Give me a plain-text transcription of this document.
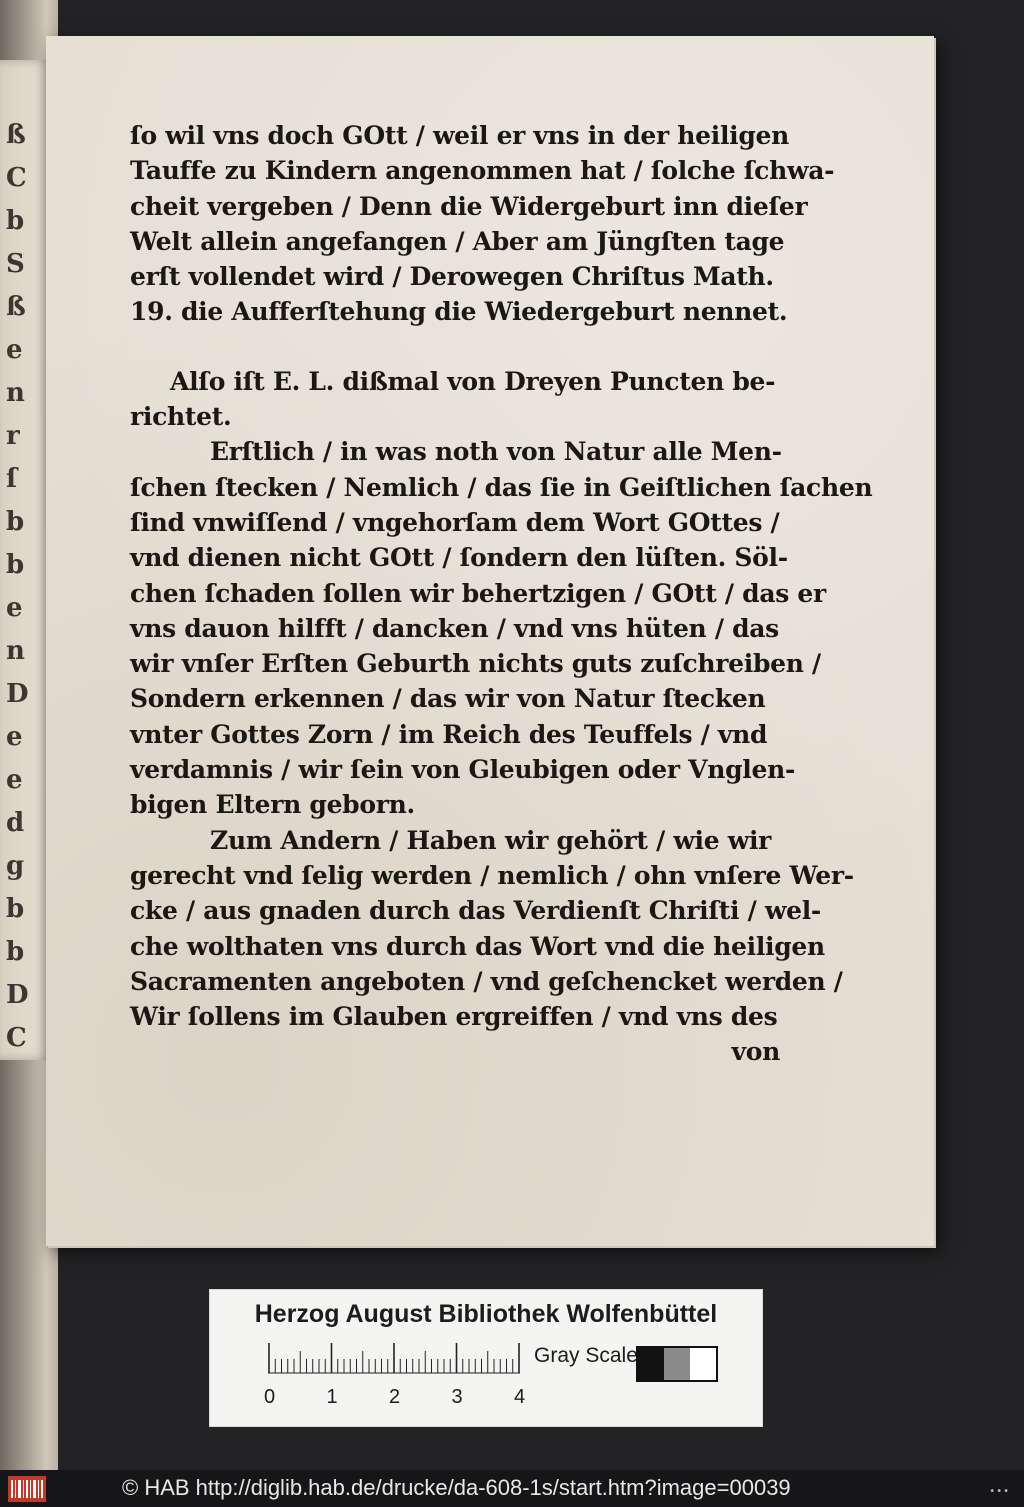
ß
C
b
S
ß
e
n
r
ſ
b
b
e
n
D
e
e
d
g
b
b
D
C
ſo wil vns doch GOtt / weil er vns in der heiligen
Tauffe zu Kindern angenommen hat / ſolche ſchwa-
cheit vergeben / Denn die Widergeburt inn dieſer
Welt allein angefangen / Aber am Jüngſten tage
erſt vollendet wird / Derowegen Chriſtus Math.
19. die Aufferſtehung die Wiedergeburt nennet.
Alſo iſt E. L. dißmal von Dreyen Puncten be-
richtet.
Erſtlich / in was noth von Natur alle Men-
ſchen ſtecken / Nemlich / das ſie in Geiſtlichen ſachen
ſind vnwiſſend / vngehorſam dem Wort GOttes /
vnd dienen nicht GOtt / ſondern den lüſten. Söl-
chen ſchaden ſollen wir behertzigen / GOtt / das er
vns dauon hilfft / dancken / vnd vns hüten / das
wir vnſer Erſten Geburth nichts guts zuſchreiben /
Sondern erkennen / das wir von Natur ſtecken
vnter Gottes Zorn / im Reich des Teuffels / vnd
verdamnis / wir ſein von Gleubigen oder Vnglen-
bigen Eltern geborn.
Zum Andern / Haben wir gehört / wie wir
gerecht vnd ſelig werden / nemlich / ohn vnſere Wer-
cke / aus gnaden durch das Verdienſt Chriſti / wel-
che wolthaten vns durch das Wort vnd die heiligen
Sacramenten angeboten / vnd geſchencket werden /
Wir ſollens im Glauben ergreiffen / vnd vns des
von
Herzog August Bibliothek Wolfenbüttel
0	1	2	3	4
Gray Scale
© HAB http://diglib.hab.de/drucke/da-608-1s/start.htm?image=00039	•••
